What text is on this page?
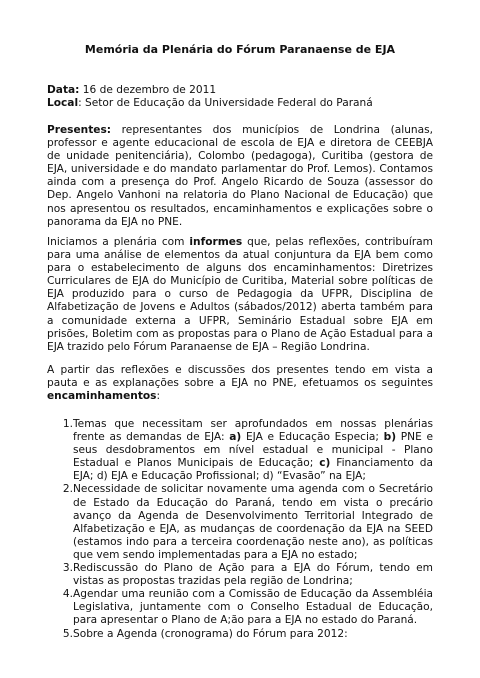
Memória da Plenária do Fórum Paranaense de EJA
Data: 16 de dezembro de 2011
Local: Setor de Educação da Universidade Federal do Paraná
Presentes: representantes dos municípios de Londrina (alunas, professor e agente educacional de escola de EJA e diretora de CEEBJA de unidade penitenciária), Colombo (pedagoga), Curitiba (gestora de EJA, universidade e do mandato parlamentar do Prof. Lemos). Contamos ainda com a presença do Prof. Angelo Ricardo de Souza (assessor do Dep. Angelo Vanhoni na relatoria do Plano Nacional de Educação) que nos apresentou os resultados, encaminhamentos e explicações sobre o panorama da EJA no PNE.
Iniciamos a plenária com informes que, pelas reflexões, contribuíram para uma análise de elementos da atual conjuntura da EJA bem como para o estabelecimento de alguns dos encaminhamentos: Diretrizes Curriculares de EJA do Município de Curitiba, Material sobre políticas de EJA produzido para o curso de Pedagogia da UFPR, Disciplina de Alfabetização de Jovens e Adultos (sábados/2012) aberta também para a comunidade externa a UFPR, Seminário Estadual sobre EJA em prisões, Boletim com as propostas para o Plano de Ação Estadual para a EJA trazido pelo Fórum Paranaense de EJA – Região Londrina.
A partir das reflexões e discussões dos presentes tendo em vista a pauta e as explanações sobre a EJA no PNE, efetuamos os seguintes encaminhamentos:
1. Temas que necessitam ser aprofundados em nossas plenárias frente as demandas de EJA: a) EJA e Educação Especia; b) PNE e seus desdobramentos em nível estadual e municipal - Plano Estadual e Planos Municipais de Educação; c) Financiamento da EJA; d) EJA e Educação Profissional; d) “Evasão” na EJA;
2. Necessidade de solicitar novamente uma agenda com o Secretário de Estado da Educação do Paraná, tendo em vista o precário avanço da Agenda de Desenvolvimento Territorial Integrado de Alfabetização e EJA, as mudanças de coordenação da EJA na SEED (estamos indo para a terceira coordenação neste ano), as políticas que vem sendo implementadas para a EJA no estado;
3. Rediscussão do Plano de Ação para a EJA do Fórum, tendo em vistas as propostas trazidas pela região de Londrina;
4. Agendar uma reunião com a Comissão de Educação da Assembléia Legislativa, juntamente com o Conselho Estadual de Educação, para apresentar o Plano de A;ão para a EJA no estado do Paraná.
5. Sobre a Agenda (cronograma) do Fórum para 2012:
